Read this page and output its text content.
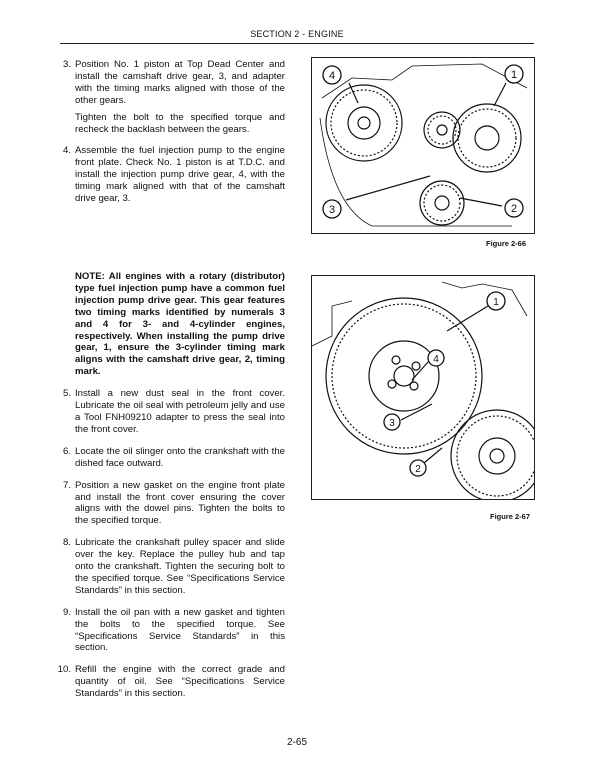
SECTION 2 - ENGINE
3. Position No. 1 piston at Top Dead Center and install the camshaft drive gear, 3, and adapter with the timing marks aligned with those of the other gears.

Tighten the bolt to the specified torque and recheck the backlash between the gears.

4. Assemble the fuel injection pump to the engine front plate. Check No. 1 piston is at T.D.C. and install the injection pump drive gear, 4, with the timing mark aligned with that of the camshaft drive gear, 3.

NOTE: All engines with a rotary (distributor) type fuel injection pump have a common fuel injection pump drive gear. This gear features two timing marks identified by numerals 3 and 4 for 3- and 4-cylinder engines, respectively. When installing the pump drive gear, 1, ensure the 3-cylinder timing mark aligns with the camshaft drive gear, 2, timing mark.
5. Install a new dust seal in the front cover. Lubricate the oil seal with petroleum jelly and use a Tool FNH09210 adapter to press the seal into the front cover.

6. Locate the oil slinger onto the crankshaft with the dished face outward.

7. Position a new gasket on the engine front plate and install the front cover ensuring the cover aligns with the dowel pins. Tighten the bolts to the specified torque.

8. Lubricate the crankshaft pulley spacer and slide over the key. Replace the pulley hub and tap onto the crankshaft. Tighten the securing bolt to the specified torque. See “Specifications Service Standards” in this section.

9. Install the oil pan with a new gasket and tighten the bolts to the specified torque. See “Specifications Service Standards” in this section.

10. Refill the engine with the correct grade and quantity of oil. See “Specifications Service Standards” in this section.

4	1
3	2
Figure 2-66
1
4
3
2
Figure 2-67
2-65
